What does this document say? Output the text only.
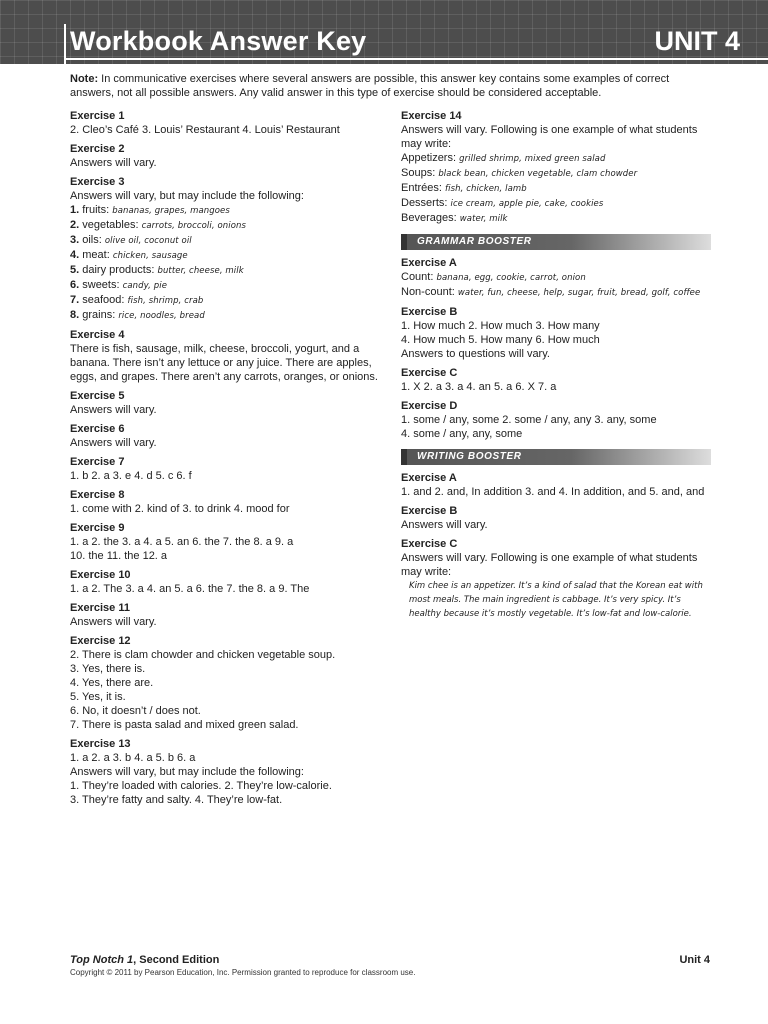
Workbook Answer Key	UNIT 4
Note: In communicative exercises where several answers are possible, this answer key contains some examples of correct answers, not all possible answers. Any valid answer in this type of exercise should be considered acceptable.
Exercise 1
2. Cleo’s Café 3. Louis’ Restaurant 4. Louis’ Restaurant
Exercise 2
Answers will vary.
Exercise 3
Answers will vary, but may include the following:
1. fruits: bananas, grapes, mangoes
2. vegetables: carrots, broccoli, onions
3. oils: olive oil, coconut oil
4. meat: chicken, sausage
5. dairy products: butter, cheese, milk
6. sweets: candy, pie
7. seafood: fish, shrimp, crab
8. grains: rice, noodles, bread
Exercise 4
There is fish, sausage, milk, cheese, broccoli, yogurt, and a banana. There isn’t any lettuce or any juice. There are apples, eggs, and grapes. There aren’t any carrots, oranges, or onions.
Exercise 5
Answers will vary.
Exercise 6
Answers will vary.
Exercise 7
1. b 2. a 3. e 4. d 5. c 6. f
Exercise 8
1. come with 2. kind of 3. to drink 4. mood for
Exercise 9
1. a 2. the 3. a 4. a 5. an 6. the 7. the 8. a 9. a
10. the 11. the 12. a
Exercise 10
1. a 2. The 3. a 4. an 5. a 6. the 7. the 8. a 9. The
Exercise 11
Answers will vary.
Exercise 12
2. There is clam chowder and chicken vegetable soup.
3. Yes, there is.
4. Yes, there are.
5. Yes, it is.
6. No, it doesn’t / does not.
7. There is pasta salad and mixed green salad.
Exercise 13
1. a 2. a 3. b 4. a 5. b 6. a
Answers will vary, but may include the following:
1. They’re loaded with calories. 2. They’re low-calorie.
3. They’re fatty and salty. 4. They’re low-fat.
Exercise 14
Answers will vary. Following is one example of what students may write:
Appetizers: grilled shrimp, mixed green salad
Soups: black bean, chicken vegetable, clam chowder
Entrées: fish, chicken, lamb
Desserts: ice cream, apple pie, cake, cookies
Beverages: water, milk
GRAMMAR BOOSTER
Exercise A
Count: banana, egg, cookie, carrot, onion
Non-count: water, fun, cheese, help, sugar, fruit, bread, golf, coffee
Exercise B
1. How much 2. How much 3. How many
4. How much 5. How many 6. How much
Answers to questions will vary.
Exercise C
1. X 2. a 3. a 4. an 5. a 6. X 7. a
Exercise D
1. some / any, some 2. some / any, any 3. any, some
4. some / any, any, some
WRITING BOOSTER
Exercise A
1. and 2. and, In addition 3. and 4. In addition, and 5. and, and
Exercise B
Answers will vary.
Exercise C
Answers will vary. Following is one example of what students may write:
Kim chee is an appetizer. It’s a kind of salad that the Korean eat with most meals. The main ingredient is cabbage. It’s very spicy. It’s healthy because it’s mostly vegetable. It’s low-fat and low-calorie.
Top Notch 1, Second Edition	Unit 4
Copyright © 2011 by Pearson Education, Inc. Permission granted to reproduce for classroom use.
